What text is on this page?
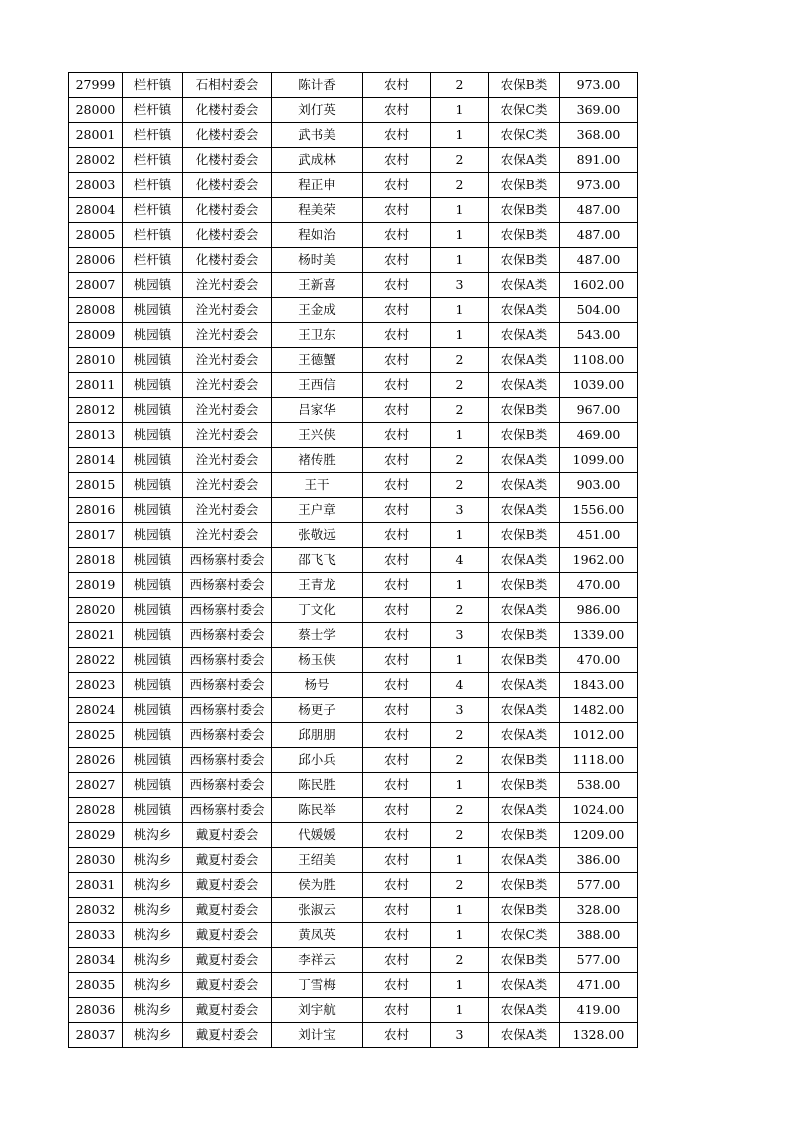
27999	栏杆镇	石相村委会	陈计香	农村	2	农保B类	973.00
28000	栏杆镇	化楼村委会	刘仃英	农村	1	农保C类	369.00
28001	栏杆镇	化楼村委会	武书美	农村	1	农保C类	368.00
28002	栏杆镇	化楼村委会	武成林	农村	2	农保A类	891.00
28003	栏杆镇	化楼村委会	程正申	农村	2	农保B类	973.00
28004	栏杆镇	化楼村委会	程美荣	农村	1	农保B类	487.00
28005	栏杆镇	化楼村委会	程如治	农村	1	农保B类	487.00
28006	栏杆镇	化楼村委会	杨时美	农村	1	农保B类	487.00
28007	桃园镇	洤光村委会	王新喜	农村	3	农保A类	1602.00
28008	桃园镇	洤光村委会	王金成	农村	1	农保A类	504.00
28009	桃园镇	洤光村委会	王卫东	农村	1	农保A类	543.00
28010	桃园镇	洤光村委会	王德蟹	农村	2	农保A类	1108.00
28011	桃园镇	洤光村委会	王西信	农村	2	农保A类	1039.00
28012	桃园镇	洤光村委会	吕家华	农村	2	农保B类	967.00
28013	桃园镇	洤光村委会	王兴侠	农村	1	农保B类	469.00
28014	桃园镇	洤光村委会	褚传胜	农村	2	农保A类	1099.00
28015	桃园镇	洤光村委会	王干	农村	2	农保A类	903.00
28016	桃园镇	洤光村委会	王户章	农村	3	农保A类	1556.00
28017	桃园镇	洤光村委会	张敬远	农村	1	农保B类	451.00
28018	桃园镇	西杨寨村委会	邵飞飞	农村	4	农保A类	1962.00
28019	桃园镇	西杨寨村委会	王青龙	农村	1	农保B类	470.00
28020	桃园镇	西杨寨村委会	丁文化	农村	2	农保A类	986.00
28021	桃园镇	西杨寨村委会	蔡士学	农村	3	农保B类	1339.00
28022	桃园镇	西杨寨村委会	杨玉侠	农村	1	农保B类	470.00
28023	桃园镇	西杨寨村委会	杨号	农村	4	农保A类	1843.00
28024	桃园镇	西杨寨村委会	杨更子	农村	3	农保A类	1482.00
28025	桃园镇	西杨寨村委会	邱朋朋	农村	2	农保A类	1012.00
28026	桃园镇	西杨寨村委会	邱小兵	农村	2	农保B类	1118.00
28027	桃园镇	西杨寨村委会	陈民胜	农村	1	农保B类	538.00
28028	桃园镇	西杨寨村委会	陈民举	农村	2	农保A类	1024.00
28029	桃沟乡	戴夏村委会	代媛媛	农村	2	农保B类	1209.00
28030	桃沟乡	戴夏村委会	王绍美	农村	1	农保A类	386.00
28031	桃沟乡	戴夏村委会	侯为胜	农村	2	农保B类	577.00
28032	桃沟乡	戴夏村委会	张淑云	农村	1	农保B类	328.00
28033	桃沟乡	戴夏村委会	黄凤英	农村	1	农保C类	388.00
28034	桃沟乡	戴夏村委会	李祥云	农村	2	农保B类	577.00
28035	桃沟乡	戴夏村委会	丁雪梅	农村	1	农保A类	471.00
28036	桃沟乡	戴夏村委会	刘宇航	农村	1	农保A类	419.00
28037	桃沟乡	戴夏村委会	刘计宝	农村	3	农保A类	1328.00
